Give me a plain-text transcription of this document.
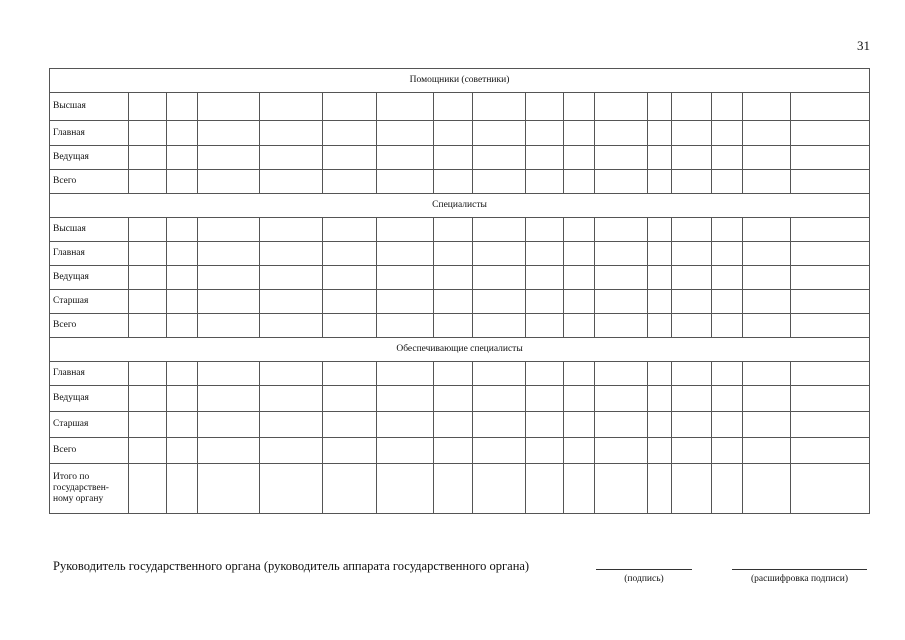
31
Помощники (советники)																
Высшая																
Главная																
Ведущая																
Всего																
Специалисты																
Высшая																
Главная																
Ведущая																
Старшая																
Всего																
Обеспечивающие специалисты																
Главная																
Ведущая																
Старшая																
Всего																
Итого по государствен-ному органу																
Руководитель государственного органа (руководитель аппарата государственного органа)
(подпись)	(расшифровка подписи)
